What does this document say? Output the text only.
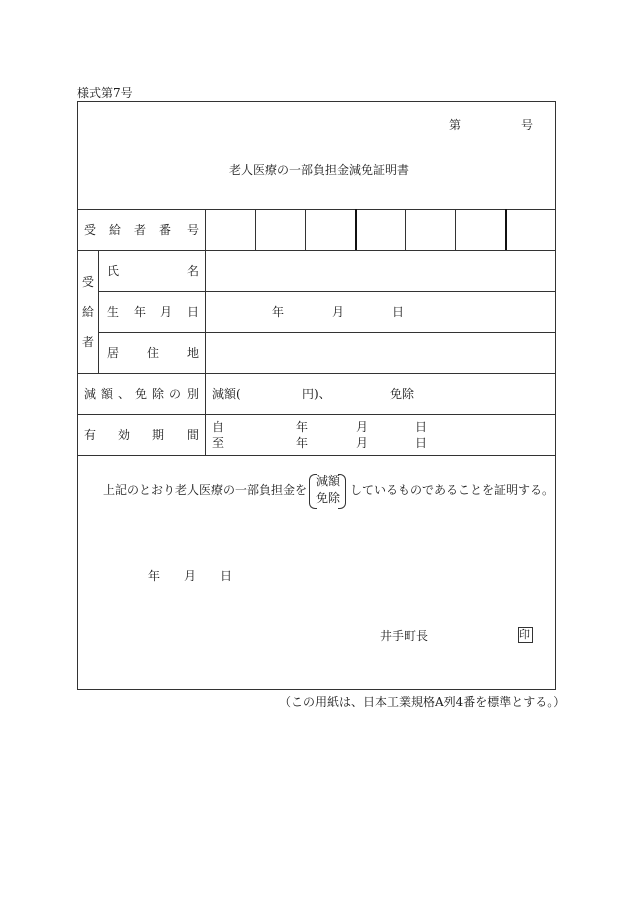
様式第7号
第	号
老人医療の一部負担金減免証明書
受 給 者 番 号
受
給
者
氏	名
生 年 月 日	年	月	日
居 住 地
減 額 、 免 除 の 別 減額(	円)、	免除
有 効 期 間
自	年	月	日
至	年	月	日
上記のとおり老人医療の一部負担金を
減額
免除
しているものであることを証明する。
年 月 日
井手町長	印
（この用紙は、日本工業規格A列4番を標準とする。）
